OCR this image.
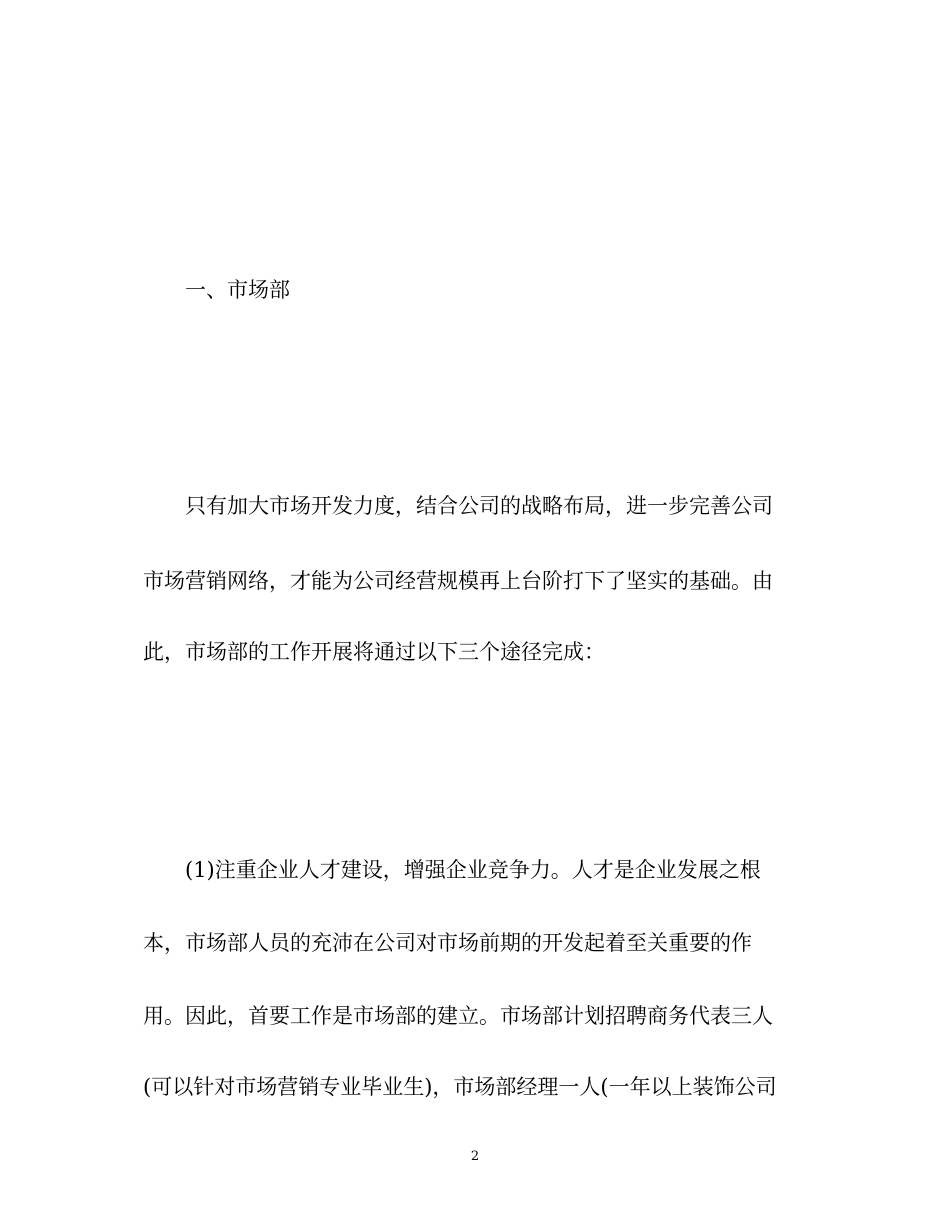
一、市场部

只有加大市场开发力度，结合公司的战略布局，进一步完善公司

市场营销网络，才能为公司经营规模再上台阶打下了坚实的基础。由

此，市场部的工作开展将通过以下三个途径完成：

(1)注重企业人才建设，增强企业竞争力。人才是企业发展之根

本，市场部人员的充沛在公司对市场前期的开发起着至关重要的作

用。因此，首要工作是市场部的建立。市场部计划招聘商务代表三人

(可以针对市场营销专业毕业生)，市场部经理一人(一年以上装饰公司

2
